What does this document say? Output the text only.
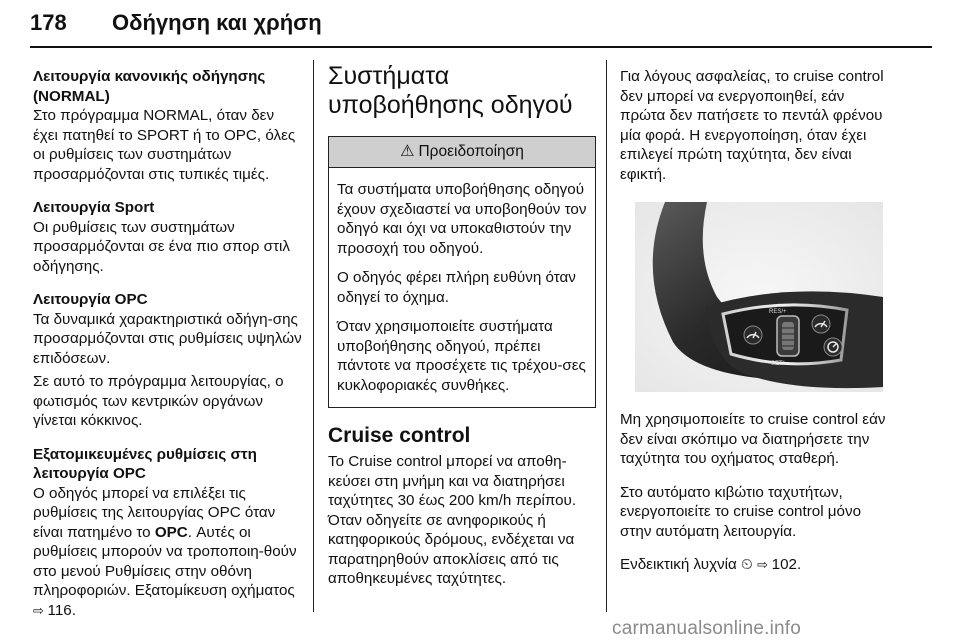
178 Οδήγηση και χρήση

Λειτουργία κανονικής οδήγησης (NORMAL)
Στο πρόγραμμα NORMAL, όταν δεν έχει πατηθεί το SPORT ή το OPC, όλες οι ρυθμίσεις των συστημάτων προσαρμόζονται στις τυπικές τιμές.

Λειτουργία Sport
Οι ρυθμίσεις των συστημάτων προσαρμόζονται σε ένα πιο σπορ στιλ οδήγησης.

Λειτουργία OPC
Τα δυναμικά χαρακτηριστικά οδήγη-σης προσαρμόζονται στις ρυθμίσεις υψηλών επιδόσεων.

Σε αυτό το πρόγραμμα λειτουργίας, ο φωτισμός των κεντρικών οργάνων γίνεται κόκκινος.

Εξατομικευμένες ρυθμίσεις στη λειτουργία OPC
Ο οδηγός μπορεί να επιλέξει τις ρυθμίσεις της λειτουργίας OPC όταν είναι πατημένο το OPC. Αυτές οι ρυθμίσεις μπορούν να τροποποιη-θούν στο μενού Ρυθμίσεις στην οθόνη πληροφοριών. Εξατομίκευση οχήματος ⇨ 116.

Συστήματα υποβοήθησης οδηγού
⚠ Προειδοποίηση

Τα συστήματα υποβοήθησης οδηγού έχουν σχεδιαστεί να υποβοηθούν τον οδηγό και όχι να υποκαθιστούν την προσοχή του οδηγού.

Ο οδηγός φέρει πλήρη ευθύνη όταν οδηγεί το όχημα.

Όταν χρησιμοποιείτε συστήματα υποβοήθησης οδηγού, πρέπει πάντοτε να προσέχετε τις τρέχου-σες κυκλοφοριακές συνθήκες.

Cruise control

Το Cruise control μπορεί να αποθη-κεύσει στη μνήμη και να διατηρήσει ταχύτητες 30 έως 200 km/h περίπου. Όταν οδηγείτε σε ανηφορικούς ή κατηφορικούς δρόμους, ενδέχεται να παρατηρηθούν αποκλίσεις από τις αποθηκευμένες ταχύτητες.

Για λόγους ασφαλείας, το cruise control δεν μπορεί να ενεργοποιηθεί, εάν πρώτα δεν πατήσετε το πεντάλ φρένου μία φορά. Η ενεργοποίηση, όταν έχει επιλεγεί πρώτη ταχύτητα, δεν είναι εφικτή.

RES/+
SET/-

Μη χρησιμοποιείτε το cruise control εάν δεν είναι σκόπιμο να διατηρήσετε την ταχύτητα του οχήματος σταθερή.

Στο αυτόματο κιβώτιο ταχυτήτων, ενεργοποιείτε το cruise control μόνο στην αυτόματη λειτουργία.

Ενδεικτική λυχνία ⏲ ⇨ 102.

carmanualsonline.info
